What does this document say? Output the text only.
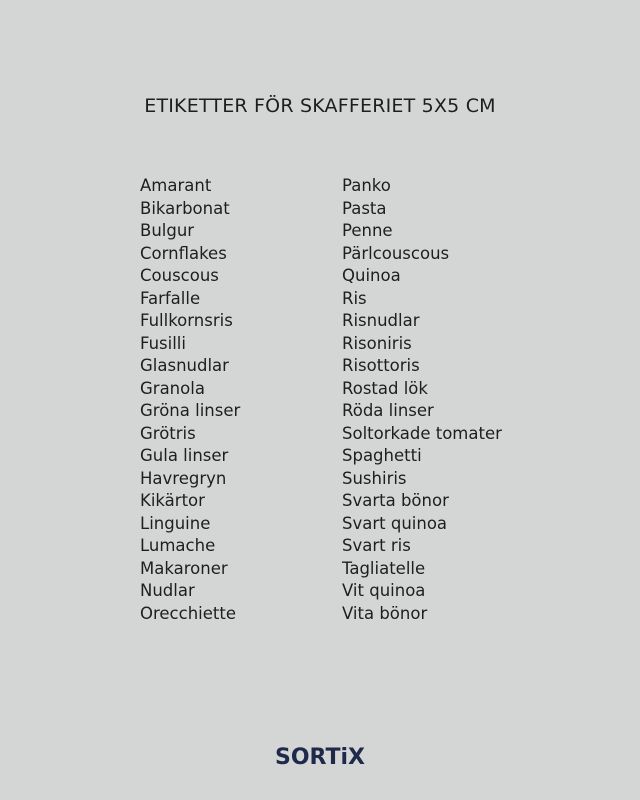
ETIKETTER FÖR SKAFFERIET 5X5 CM
Amarant
Bikarbonat
Bulgur
Cornflakes
Couscous
Farfalle
Fullkornsris
Fusilli
Glasnudlar
Granola
Gröna linser
Grötris
Gula linser
Havregryn
Kikärtor
Linguine
Lumache
Makaroner
Nudlar
Orecchiette
Panko
Pasta
Penne
Pärlcouscous
Quinoa
Ris
Risnudlar
Risoniris
Risottoris
Rostad lök
Röda linser
Soltorkade tomater
Spaghetti
Sushiris
Svarta bönor
Svart quinoa
Svart ris
Tagliatelle
Vit quinoa
Vita bönor
SORTiX
